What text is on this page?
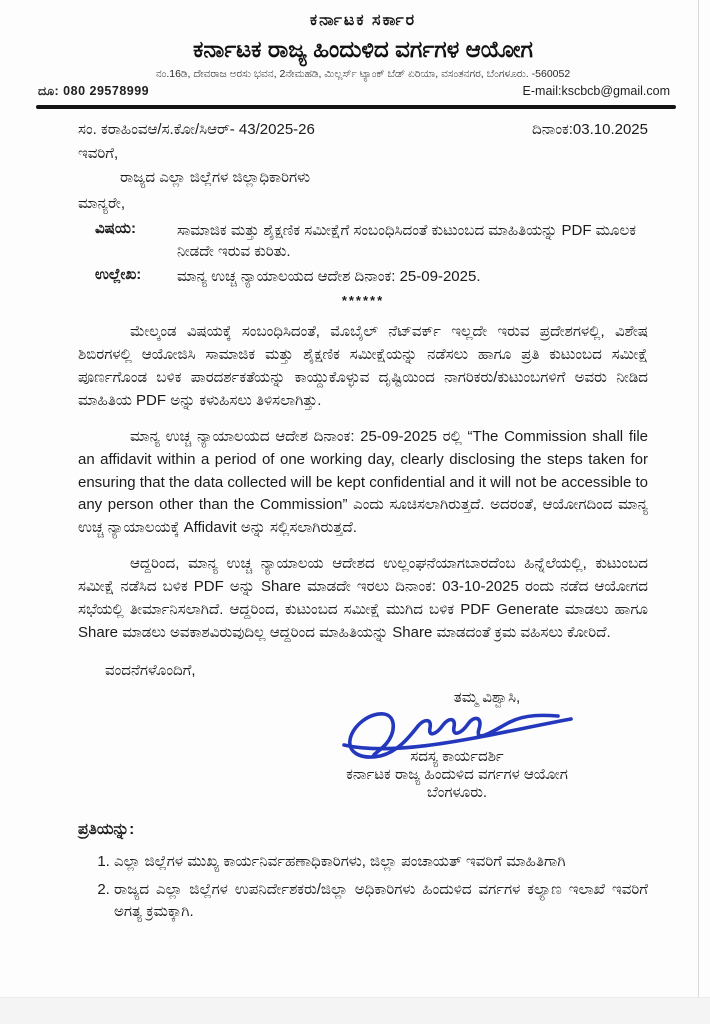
ಕರ್ನಾಟಕ ಸರ್ಕಾರ
ಕರ್ನಾಟಕ ರಾಜ್ಯ ಹಿಂದುಳಿದ ವರ್ಗಗಳ ಆಯೋಗ
ನಂ.16ಡಿ, ದೇವರಾಜ ಅರಸು ಭವನ, 2ನೇಮಹಡಿ, ಮಿಲ್ಲರ್ಸ್ ಟ್ಯಾಂಕ್ ಬೆಡ್ ಏರಿಯಾ, ವಸಂತನಗರ, ಬೆಂಗಳೂರು. -560052
ದೂ: 080 29578999	E-mail:kscbcb@gmail.com
ಸಂ. ಕರಾಹಿಂವಆ/ಸ.ಕೋ/ಸಿಆರ್- 43/2025-26	ದಿನಾಂಕ:03.10.2025
ಇವರಿಗೆ,
ರಾಜ್ಯದ ಎಲ್ಲಾ ಜಿಲ್ಲೆಗಳ ಜಿಲ್ಲಾಧಿಕಾರಿಗಳು
ಮಾನ್ಯರೇ,
ವಿಷಯ:	ಸಾಮಾಜಿಕ ಮತ್ತು ಶೈಕ್ಷಣಿಕ ಸಮೀಕ್ಷೆಗೆ ಸಂಬಂಧಿಸಿದಂತೆ ಕುಟುಂಬದ ಮಾಹಿತಿಯನ್ನು PDF ಮೂಲಕ ನೀಡದೇ ಇರುವ ಕುರಿತು.
ಉಲ್ಲೇಖ:	ಮಾನ್ಯ ಉಚ್ಚ ನ್ಯಾಯಾಲಯದ ಆದೇಶ ದಿನಾಂಕ: 25-09-2025.
******

ಮೇಲ್ಕಂಡ ವಿಷಯಕ್ಕೆ ಸಂಬಂಧಿಸಿದಂತೆ, ಮೊಬೈಲ್ ನೆಟ್‌ವರ್ಕ್ ಇಲ್ಲದೇ ಇರುವ ಪ್ರದೇಶಗಳಲ್ಲಿ, ವಿಶೇಷ ಶಿಬಿರಗಳಲ್ಲಿ ಆಯೋಜಿಸಿ ಸಾಮಾಜಿಕ ಮತ್ತು ಶೈಕ್ಷಣಿಕ ಸಮೀಕ್ಷೆಯನ್ನು ನಡೆಸಲು ಹಾಗೂ ಪ್ರತಿ ಕುಟುಂಬದ ಸಮೀಕ್ಷೆ ಪೂರ್ಣಗೊಂಡ ಬಳಿಕ ಪಾರದರ್ಶಕತೆಯನ್ನು ಕಾಯ್ದುಕೊಳ್ಳುವ ದೃಷ್ಟಿಯಿಂದ ನಾಗರಿಕರು/ಕುಟುಂಬಗಳಿಗೆ ಅವರು ನೀಡಿದ ಮಾಹಿತಿಯ PDF ಅನ್ನು ಕಳುಹಿಸಲು ತಿಳಿಸಲಾಗಿತ್ತು.

ಮಾನ್ಯ ಉಚ್ಚ ನ್ಯಾಯಾಲಯದ ಆದೇಶ ದಿನಾಂಕ: 25-09-2025 ರಲ್ಲಿ “The Commission shall file an affidavit within a period of one working day, clearly disclosing the steps taken for ensuring that the data collected will be kept confidential and it will not be accessible to any person other than the Commission” ಎಂದು ಸೂಚಿಸಲಾಗಿರುತ್ತದೆ. ಅದರಂತೆ, ಆಯೋಗದಿಂದ ಮಾನ್ಯ ಉಚ್ಚ ನ್ಯಾಯಾಲಯಕ್ಕೆ Affidavit ಅನ್ನು ಸಲ್ಲಿಸಲಾಗಿರುತ್ತದೆ.

ಆದ್ದರಿಂದ, ಮಾನ್ಯ ಉಚ್ಚ ನ್ಯಾಯಾಲಯ ಆದೇಶದ ಉಲ್ಲಂಘನೆಯಾಗಬಾರದೆಂಬ ಹಿನ್ನೆಲೆಯಲ್ಲಿ, ಕುಟುಂಬದ ಸಮೀಕ್ಷೆ ನಡೆಸಿದ ಬಳಿಕ PDF ಅನ್ನು Share ಮಾಡದೇ ಇರಲು ದಿನಾಂಕ: 03-10-2025 ರಂದು ನಡೆದ ಆಯೋಗದ ಸಭೆಯಲ್ಲಿ ತೀರ್ಮಾನಿಸಲಾಗಿದೆ. ಆದ್ದರಿಂದ, ಕುಟುಂಬದ ಸಮೀಕ್ಷೆ ಮುಗಿದ ಬಳಿಕ PDF Generate ಮಾಡಲು ಹಾಗೂ Share ಮಾಡಲು ಅವಕಾಶವಿರುವುದಿಲ್ಲ ಆದ್ದರಿಂದ ಮಾಹಿತಿಯನ್ನು Share ಮಾಡದಂತೆ ಕ್ರಮ ವಹಿಸಲು ಕೋರಿದೆ.

ವಂದನೆಗಳೊಂದಿಗೆ,
ತಮ್ಮ ವಿಶ್ವಾಸಿ,
ಸದಸ್ಯ ಕಾರ್ಯದರ್ಶಿ
ಕರ್ನಾಟಕ ರಾಜ್ಯ ಹಿಂದುಳಿದ ವರ್ಗಗಳ ಆಯೋಗ
ಬೆಂಗಳೂರು.
ಪ್ರತಿಯನ್ನು:
1. ಎಲ್ಲಾ ಜಿಲ್ಲೆಗಳ ಮುಖ್ಯ ಕಾರ್ಯನಿರ್ವಹಣಾಧಿಕಾರಿಗಳು, ಜಿಲ್ಲಾ ಪಂಚಾಯತ್ ಇವರಿಗೆ ಮಾಹಿತಿಗಾಗಿ
2. ರಾಜ್ಯದ ಎಲ್ಲಾ ಜಿಲ್ಲೆಗಳ ಉಪನಿರ್ದೇಶಕರು/ಜಿಲ್ಲಾ ಅಧಿಕಾರಿಗಳು ಹಿಂದುಳಿದ ವರ್ಗಗಳ ಕಲ್ಯಾಣ ಇಲಾಖೆ ಇವರಿಗೆ ಅಗತ್ಯ ಕ್ರಮಕ್ಕಾಗಿ.
